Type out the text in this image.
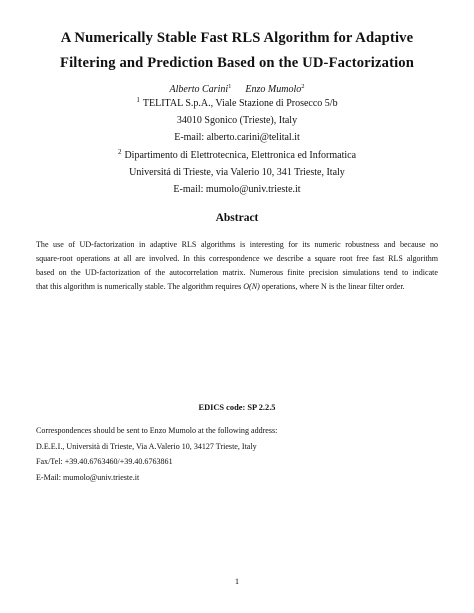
A Numerically Stable Fast RLS Algorithm for Adaptive
Filtering and Prediction Based on the UD-Factorization
Alberto Carini$^1$ Enzo Mumolo$^2$
$^1$ TELITAL S.p.A., Viale Stazione di Prosecco 5/b
34010 Sgonico (Trieste), Italy
E-mail: alberto.carini@telital.it
$^2$ Dipartimento di Elettrotecnica, Elettronica ed Informatica
Universitá di Trieste, via Valerio 10, 341 Trieste, Italy
E-mail: mumolo@univ.trieste.it
Abstract
The use of UD-factorization in adaptive RLS algorithms is interesting for its numeric robustness and because no
square-root operations at all are involved. In this correspondence we describe a square root free fast RLS algorithm
based on the UD-factorization of the autocorrelation matrix. Numerous finite precision simulations tend to indicate
that this algorithm is numerically stable. The algorithm requires O(N) operations, where N is the linear filter order.
EDICS code: SP 2.2.5
Correspondences should be sent to Enzo Mumolo at the following address:
D.E.E.I., Università di Trieste, Via A.Valerio 10, 34127 Trieste, Italy
Fax/Tel: +39.40.6763460/+39.40.6763861
E-Mail: mumolo@univ.trieste.it
1
